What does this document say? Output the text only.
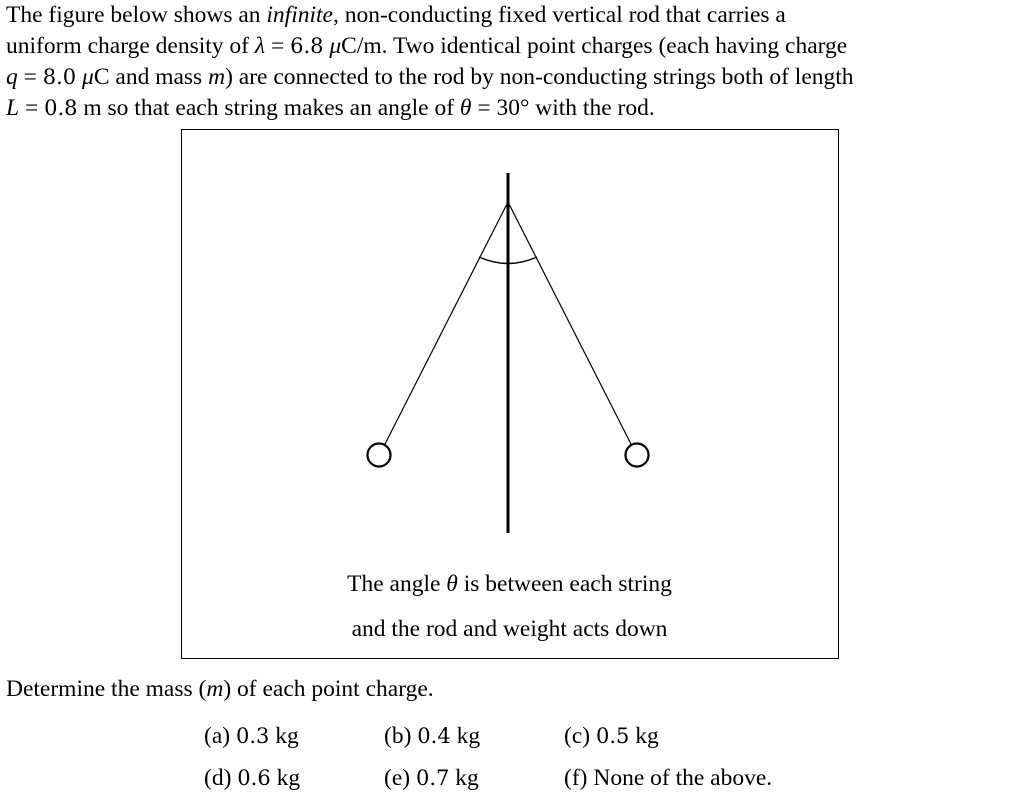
The figure below shows an infinite, non-conducting fixed vertical rod that carries a
uniform charge density of λ = 6.8 μC/m. Two identical point charges (each having charge
q = 8.0 μC and mass m) are connected to the rod by non-conducting strings both of length
L = 0.8 m so that each string makes an angle of θ = 30° with the rod.
The angle θ is between each string
and the rod and weight acts down
Determine the mass (m) of each point charge.
(a) 0.3 kg	(b) 0.4 kg	(c) 0.5 kg
(d) 0.6 kg	(e) 0.7 kg	(f) None of the above.
